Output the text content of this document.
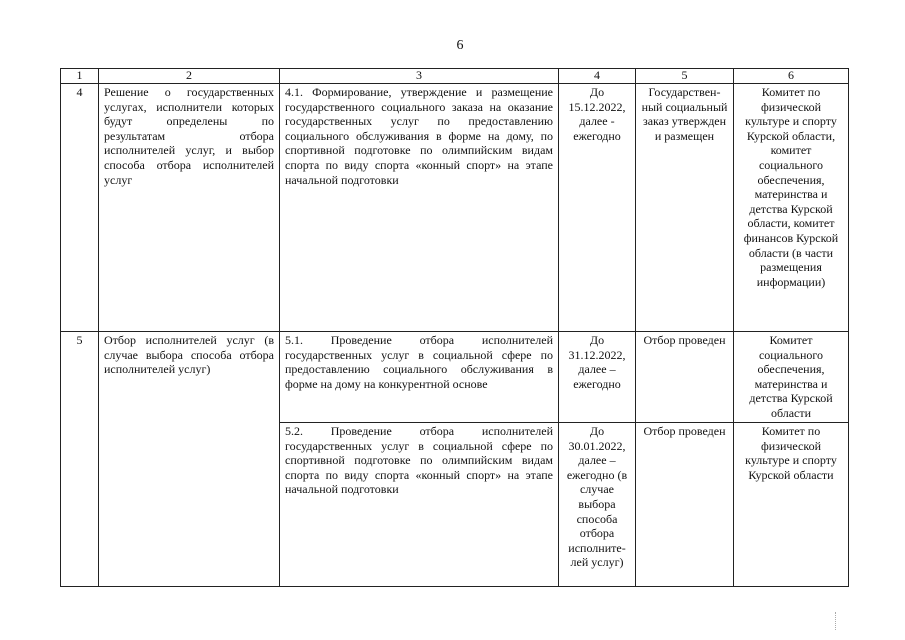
6
1	2	3	4	5	6
4	Решение о государственных услугах, исполнители которых будут определены по результатам отбора исполнителей услуг, и выбор способа отбора исполнителей услуг	4.1. Формирование, утверждение и размещение государственного социального заказа на оказание государственных услуг по предоставлению социального обслуживания в форме на дому, по спортивной подготовке по олимпийским видам спорта по виду спорта «конный спорт» на этапе начальной подготовки	До 15.12.2022, далее - ежегодно	Государствен-ный социальный заказ утвержден и размещен	Комитет по физической культуре и спорту Курской области, комитет социального обеспечения, материнства и детства Курской области, комитет финансов Курской области (в части размещения информации)
5	Отбор исполнителей услуг (в случае выбора способа отбора исполнителей услуг)	5.1. Проведение отбора исполнителей государственных услуг в социальной сфере по предоставлению социального обслуживания в форме на дому на конкурентной основе	До 31.12.2022, далее – ежегодно	Отбор проведен	Комитет социального обеспечения, материнства и детства Курской области
		5.2. Проведение отбора исполнителей государственных услуг в социальной сфере по спортивной подготовке по олимпийским видам спорта по виду спорта «конный спорт» на этапе начальной подготовки	До 30.01.2022, далее – ежегодно (в случае выбора способа отбора исполните-лей услуг)	Отбор проведен	Комитет по физической культуре и спорту Курской области
